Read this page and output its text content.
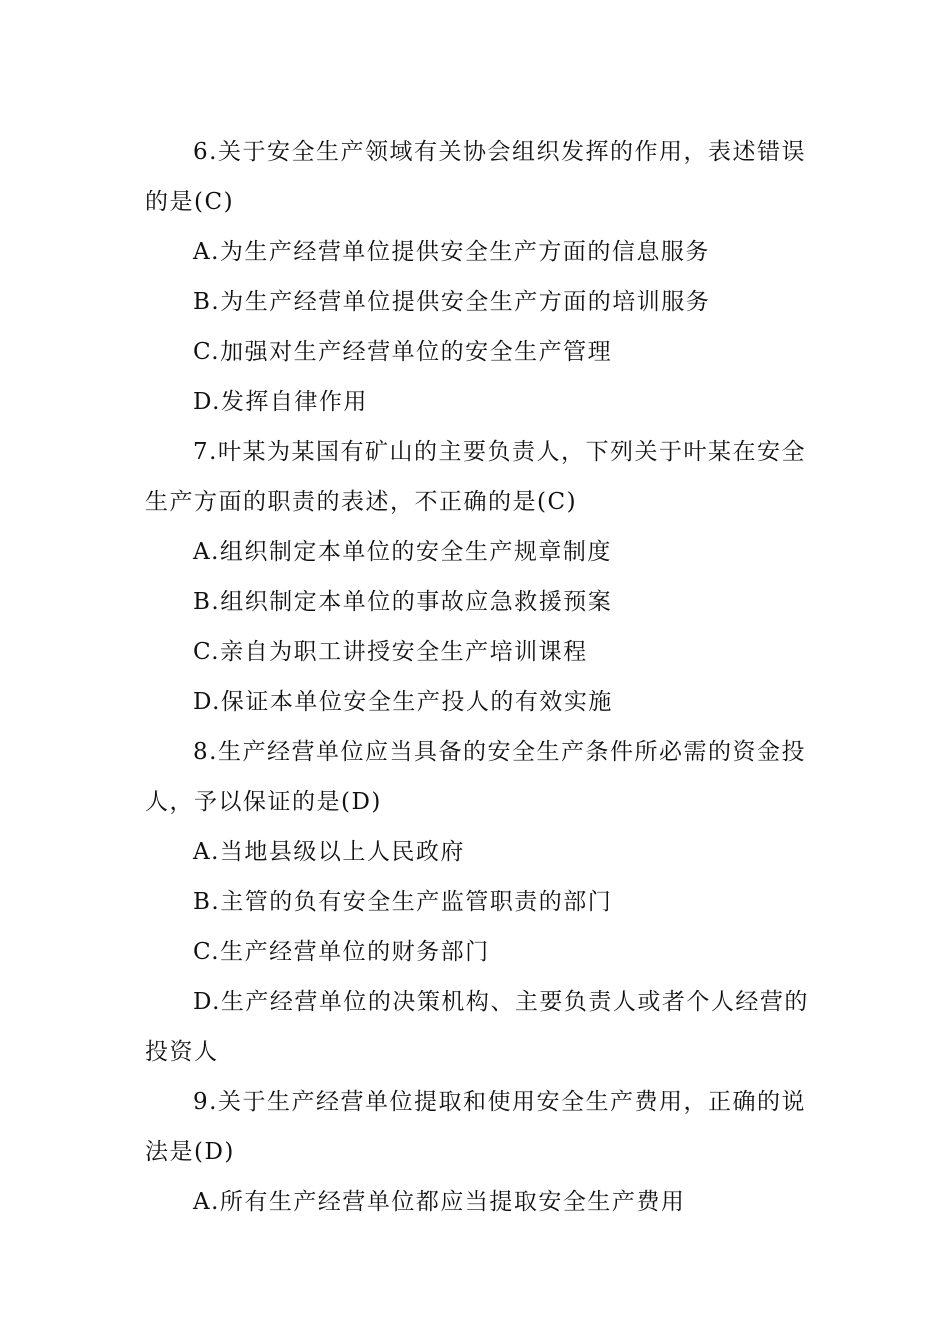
6.关于安全生产领域有关协会组织发挥的作用，表述错误
的是(C)
A.为生产经营单位提供安全生产方面的信息服务
B.为生产经营单位提供安全生产方面的培训服务
C.加强对生产经营单位的安全生产管理
D.发挥自律作用
7.叶某为某国有矿山的主要负责人，下列关于叶某在安全
生产方面的职责的表述，不正确的是(C)
A.组织制定本单位的安全生产规章制度
B.组织制定本单位的事故应急救援预案
C.亲自为职工讲授安全生产培训课程
D.保证本单位安全生产投人的有效实施
8.生产经营单位应当具备的安全生产条件所必需的资金投
人，予以保证的是(D)
A.当地县级以上人民政府
B.主管的负有安全生产监管职责的部门
C.生产经营单位的财务部门
D.生产经营单位的决策机构、主要负责人或者个人经营的
投资人
9.关于生产经营单位提取和使用安全生产费用，正确的说
法是(D)
A.所有生产经营单位都应当提取安全生产费用
